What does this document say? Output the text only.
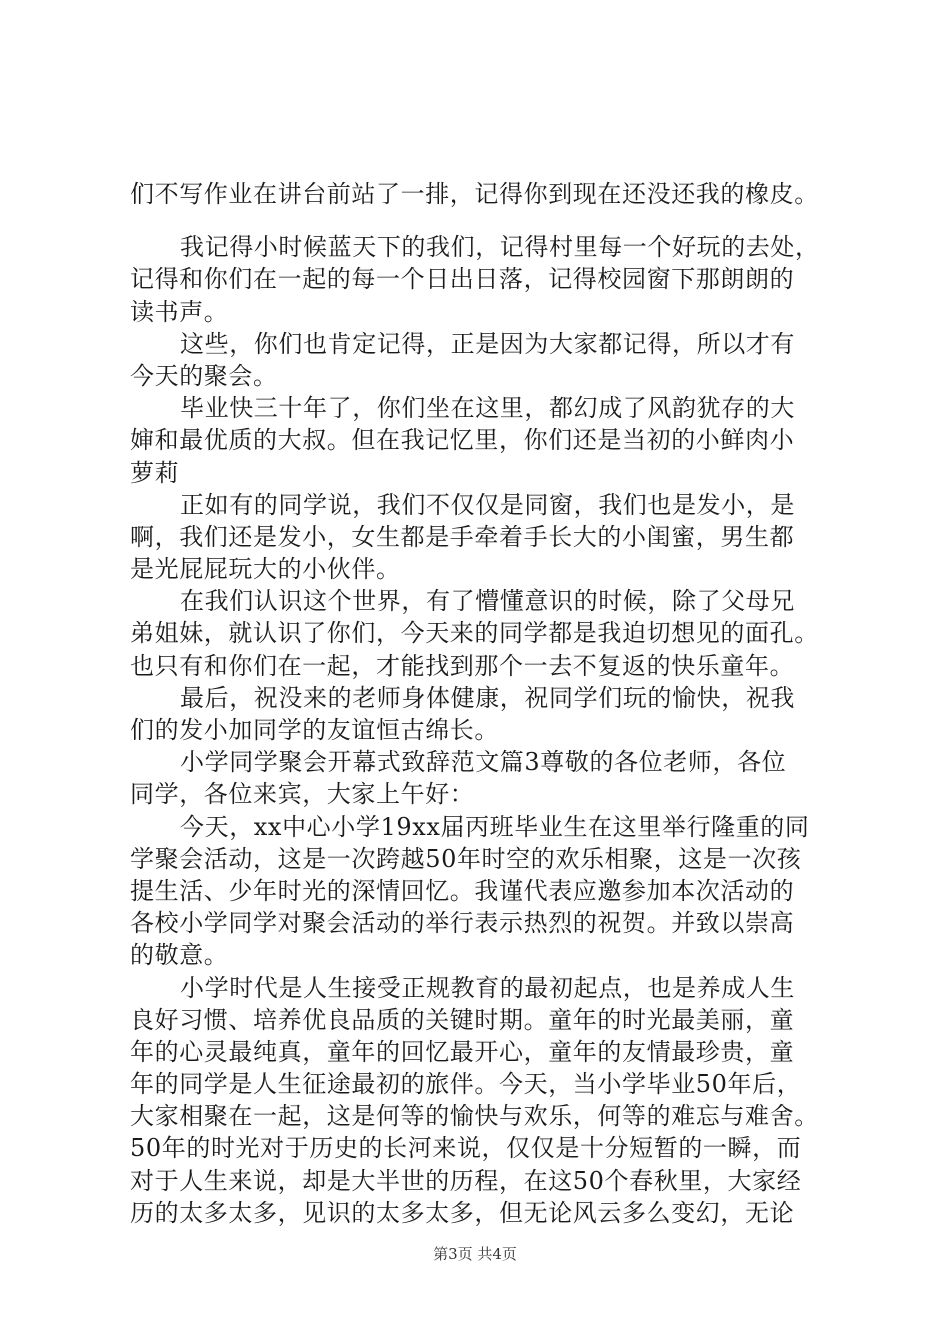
们不写作业在讲台前站了一排，记得你到现在还没还我的橡皮。
我记得小时候蓝天下的我们，记得村里每一个好玩的去处，
记得和你们在一起的每一个日出日落，记得校园窗下那朗朗的
读书声。
这些，你们也肯定记得，正是因为大家都记得，所以才有
今天的聚会。
毕业快三十年了，你们坐在这里，都幻成了风韵犹存的大
婶和最优质的大叔。但在我记忆里，你们还是当初的小鲜肉小
萝莉
正如有的同学说，我们不仅仅是同窗，我们也是发小，是
啊，我们还是发小，女生都是手牵着手长大的小闺蜜，男生都
是光屁屁玩大的小伙伴。
在我们认识这个世界，有了懵懂意识的时候，除了父母兄
弟姐妹，就认识了你们，今天来的同学都是我迫切想见的面孔。
也只有和你们在一起，才能找到那个一去不复返的快乐童年。
最后，祝没来的老师身体健康，祝同学们玩的愉快，祝我
们的发小加同学的友谊恒古绵长。
小学同学聚会开幕式致辞范文篇3尊敬的各位老师，各位
同学，各位来宾，大家上午好：
今天，xx中心小学19xx届丙班毕业生在这里举行隆重的同
学聚会活动，这是一次跨越50年时空的欢乐相聚，这是一次孩
提生活、少年时光的深情回忆。我谨代表应邀参加本次活动的
各校小学同学对聚会活动的举行表示热烈的祝贺。并致以崇高
的敬意。
小学时代是人生接受正规教育的最初起点，也是养成人生
良好习惯、培养优良品质的关键时期。童年的时光最美丽，童
年的心灵最纯真，童年的回忆最开心，童年的友情最珍贵，童
年的同学是人生征途最初的旅伴。今天，当小学毕业50年后，
大家相聚在一起，这是何等的愉快与欢乐，何等的难忘与难舍。
50年的时光对于历史的长河来说，仅仅是十分短暂的一瞬，而
对于人生来说，却是大半世的历程，在这50个春秋里，大家经
历的太多太多，见识的太多太多，但无论风云多么变幻，无论
第3页 共4页
